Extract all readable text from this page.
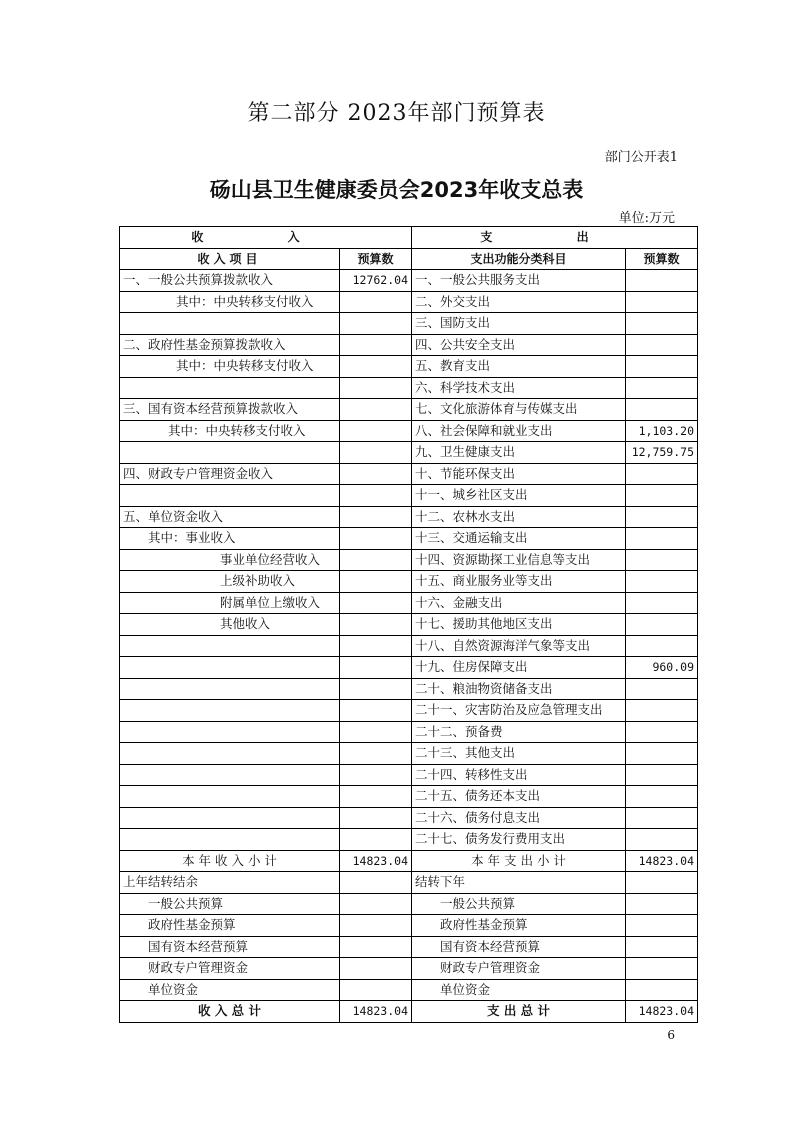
第二部分 2023年部门预算表
部门公开表1
砀山县卫生健康委员会2023年收支总表
单位:万元
收 入		支 出	
收入项目	预算数	支出功能分类科目	预算数
一、一般公共预算拨款收入	12762.04	一、一般公共服务支出	
其中：中央转移支付收入		二、外交支出	
		三、国防支出	
二、政府性基金预算拨款收入		四、公共安全支出	
其中：中央转移支付收入		五、教育支出	
		六、科学技术支出	
三、国有资本经营预算拨款收入		七、文化旅游体育与传媒支出	
其中：中央转移支付收入		八、社会保障和就业支出	1,103.20
		九、卫生健康支出	12,759.75
四、财政专户管理资金收入		十、节能环保支出	
		十一、城乡社区支出	
五、单位资金收入		十二、农林水支出	
其中：事业收入		十三、交通运输支出	
事业单位经营收入		十四、资源勘探工业信息等支出	
上级补助收入		十五、商业服务业等支出	
附属单位上缴收入		十六、金融支出	
其他收入		十七、援助其他地区支出	
		十八、自然资源海洋气象等支出	
		十九、住房保障支出	960.09
		二十、粮油物资储备支出	
		二十一、灾害防治及应急管理支出	
		二十二、预备费	
		二十三、其他支出	
		二十四、转移性支出	
		二十五、债务还本支出	
		二十六、债务付息支出	
		二十七、债务发行费用支出	
本 年 收 入 小 计	14823.04	本 年 支 出 小 计	14823.04
上年结转结余		结转下年	
一般公共预算		一般公共预算	
政府性基金预算		政府性基金预算	
国有资本经营预算		国有资本经营预算	
财政专户管理资金		财政专户管理资金	
单位资金		单位资金	
收 入 总 计	14823.04	支 出 总 计	14823.04
6
